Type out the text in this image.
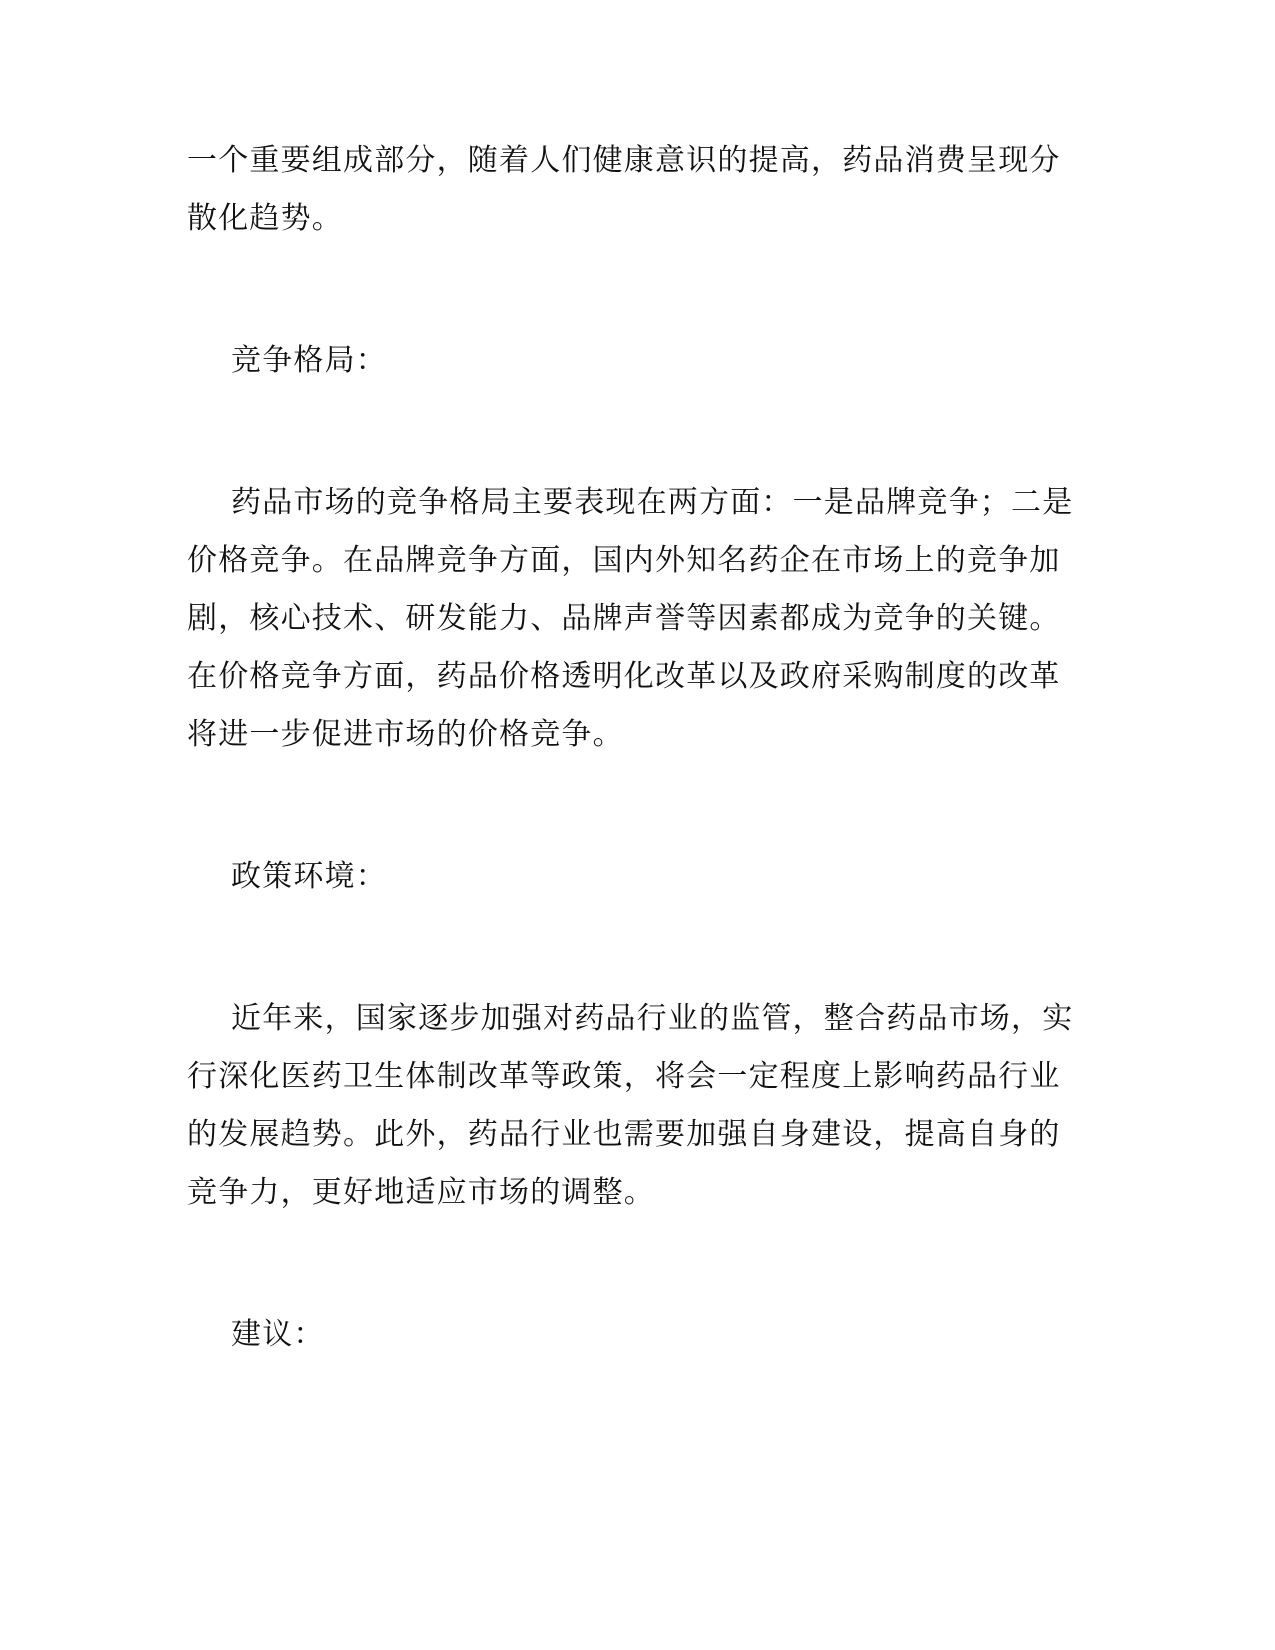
一个重要组成部分，随着人们健康意识的提高，药品消费呈现分
散化趋势。

竞争格局：

药品市场的竞争格局主要表现在两方面：一是品牌竞争；二是
价格竞争。在品牌竞争方面，国内外知名药企在市场上的竞争加
剧，核心技术、研发能力、品牌声誉等因素都成为竞争的关键。
在价格竞争方面，药品价格透明化改革以及政府采购制度的改革
将进一步促进市场的价格竞争。

政策环境：

近年来，国家逐步加强对药品行业的监管，整合药品市场，实
行深化医药卫生体制改革等政策，将会一定程度上影响药品行业
的发展趋势。此外，药品行业也需要加强自身建设，提高自身的
竞争力，更好地适应市场的调整。

建议：
